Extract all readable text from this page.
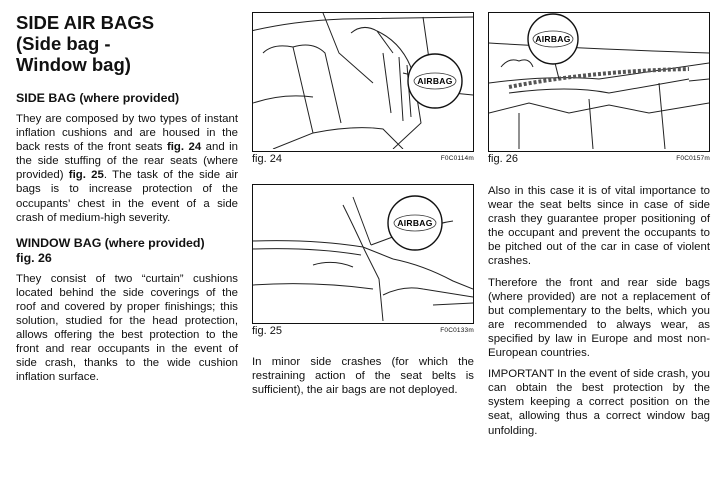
SIDE AIR BAGS
(Side bag -
Window bag)

SIDE BAG (where provided)

They are composed by two types of instant inflation cushions and are housed in the back rests of the front seats fig. 24 and in the side stuffing of the rear seats (where provided) fig. 25. The task of the side air bags is to increase protection of the occupants’ chest in the event of a side crash of medium-high severity.

WINDOW BAG (where provided)
fig. 26

They consist of two “curtain” cushions located behind the side coverings of the roof and covered by proper finishings; this solution, studied for the head protection, allows offering the best protection to the front and rear occupants in the event of side crash, thanks to the wide cushion inflation surface.

AIRBAG
fig. 24	F0C0114m
AIRBAG
fig. 25	F0C0133m

In minor side crashes (for which the restraining action of the seat belts is sufficient), the air bags are not deployed.

AIRBAG
fig. 26	F0C0157m

Also in this case it is of vital importance to wear the seat belts since in case of side crash they guarantee proper positioning of the occupant and prevent the occupants to be pitched out of the car in case of violent crashes.

Therefore the front and rear side bags (where provided) are not a replacement of but complementary to the belts, which you are recommended to always wear, as specified by law in Europe and most non-European countries.

IMPORTANT In the event of side crash, you can obtain the best protection by the system keeping a correct position on the seat, allowing thus a correct window bag unfolding.
